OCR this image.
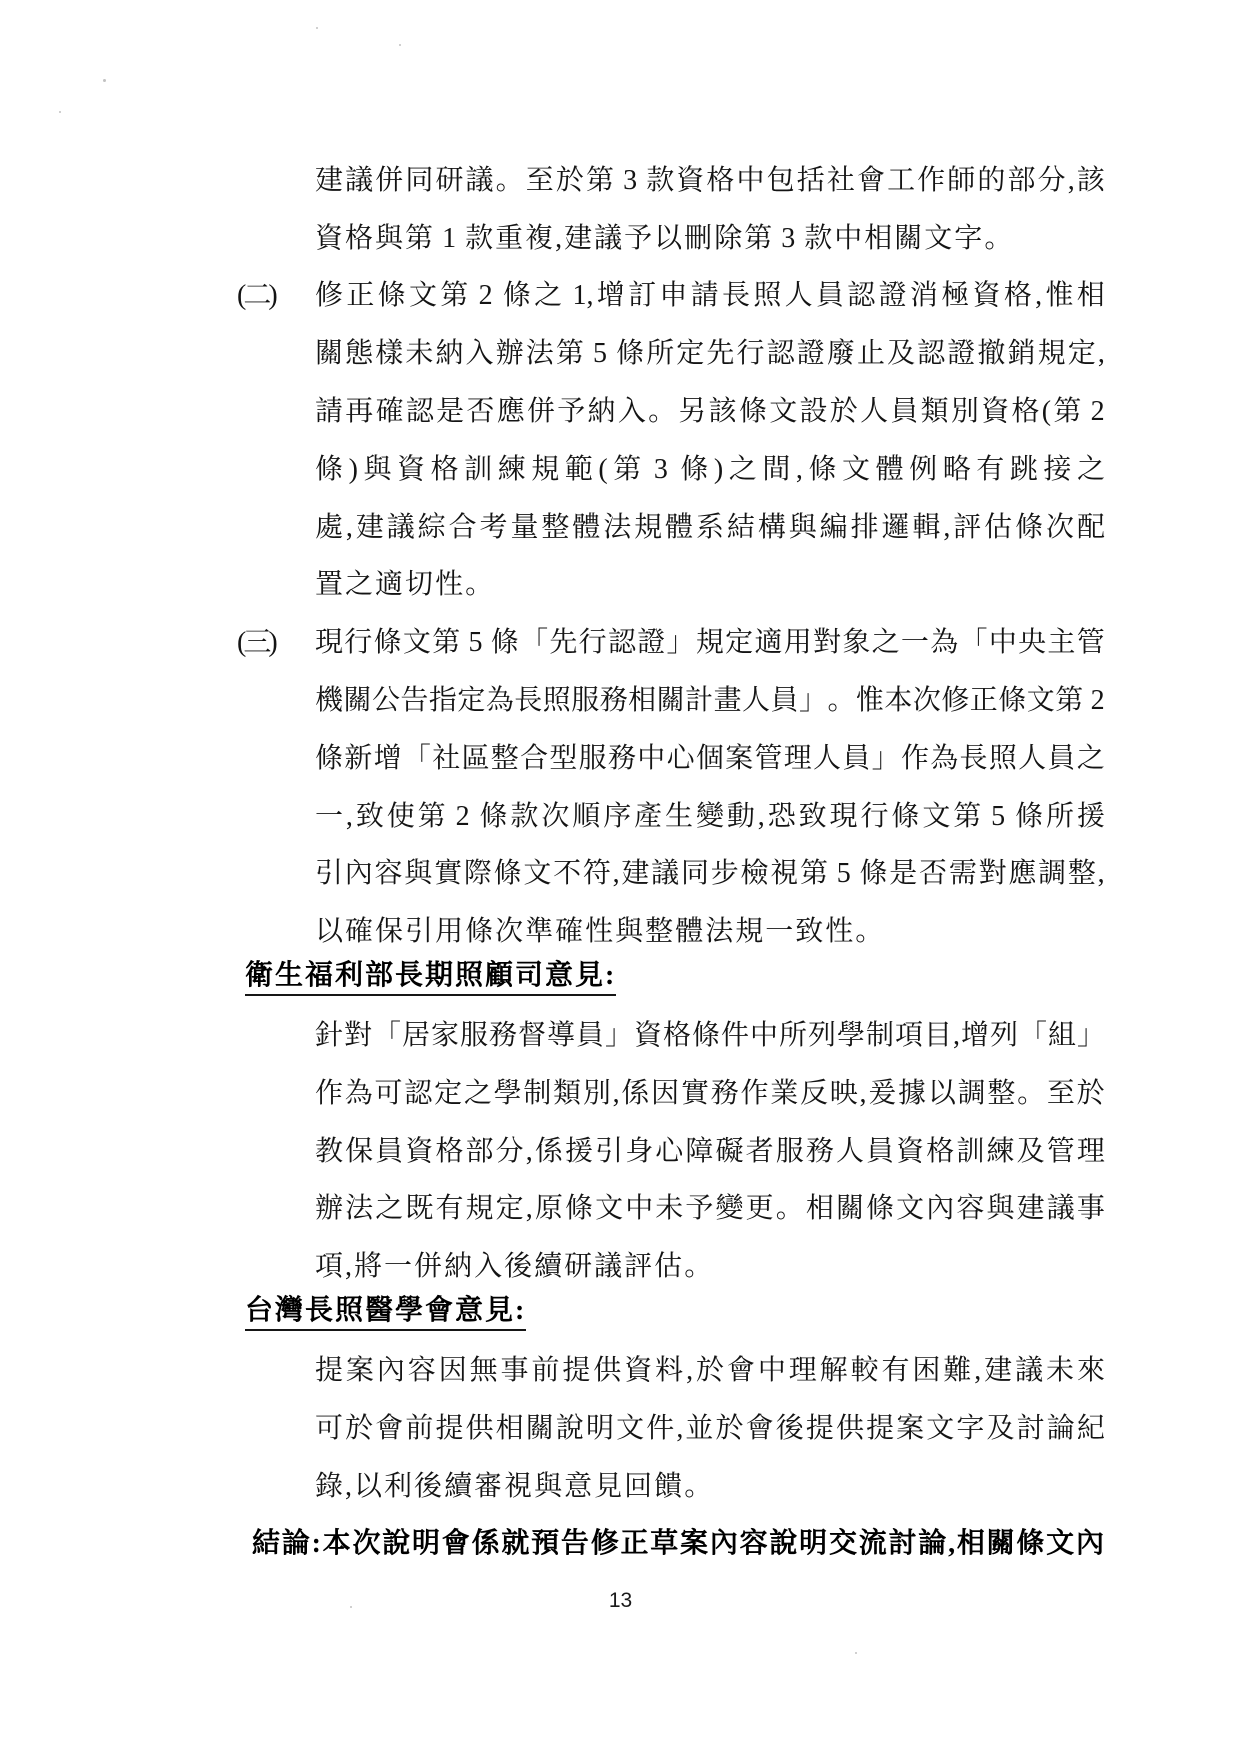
建 議 併 同 研 議 。 至 於 第 3 款 資 格 中 包 括 社 會 工 作 師 的 部 分 , 該
資 格 與 第 1 款 重 複 , 建 議 予 以 刪 除 第 3 款 中 相 關 文 字 。
(二)	修 正 條 文 第 2 條 之 1, 增 訂 申 請 長 照 人 員 認 證 消 極 資 格 , 惟 相
關 態 樣 未 納 入 辦 法 第 5 條 所 定 先 行 認 證 廢 止 及 認 證 撤 銷 規 定 ,
請 再 確 認 是 否 應 併 予 納 入 。 另 該 條 文 設 於 人 員 類 別 資 格 ( 第 2
條 ) 與 資 格 訓 練 規 範 ( 第 3 條 ) 之 間 , 條 文 體 例 略 有 跳 接 之
處 , 建 議 綜 合 考 量 整 體 法 規 體 系 結 構 與 編 排 邏 輯 , 評 估 條 次 配
置 之 適 切 性 。
(三)	現 行 條 文 第 5 條 「 先 行 認 證 」 規 定 適 用 對 象 之 一 為 「 中 央 主 管
機 關 公 告 指 定 為 長 照 服 務 相 關 計 畫 人 員 」 。 惟 本 次 修 正 條 文 第 2
條 新 增 「 社 區 整 合 型 服 務 中 心 個 案 管 理 人 員 」 作 為 長 照 人 員 之
一 , 致 使 第 2 條 款 次 順 序 產 生 變 動 , 恐 致 現 行 條 文 第 5 條 所 援
引 內 容 與 實 際 條 文 不 符 , 建 議 同 步 檢 視 第 5 條 是 否 需 對 應 調 整 ,
以 確 保 引 用 條 次 準 確 性 與 整 體 法 規 一 致 性 。
衛生福利部長期照顧司意見:
針 對 「 居 家 服 務 督 導 員 」 資 格 條 件 中 所 列 學 制 項 目 , 增 列 「 組 」
作 為 可 認 定 之 學 制 類 別 , 係 因 實 務 作 業 反 映 , 爰 據 以 調 整 。 至 於
教 保 員 資 格 部 分 , 係 援 引 身 心 障 礙 者 服 務 人 員 資 格 訓 練 及 管 理
辦 法 之 既 有 規 定 , 原 條 文 中 未 予 變 更 。 相 關 條 文 內 容 與 建 議 事
項 , 將 一 併 納 入 後 續 研 議 評 估 。
台灣長照醫學會意見:
提 案 內 容 因 無 事 前 提 供 資 料 , 於 會 中 理 解 較 有 困 難 , 建 議 未 來
可 於 會 前 提 供 相 關 說 明 文 件 , 並 於 會 後 提 供 提 案 文 字 及 討 論 紀
錄 , 以 利 後 續 審 視 與 意 見 回 饋 。
結 論 : 本 次 說 明 會 係 就 預 告 修 正 草 案 內 容 說 明 交 流 討 論 , 相 關 條 文 內
13
